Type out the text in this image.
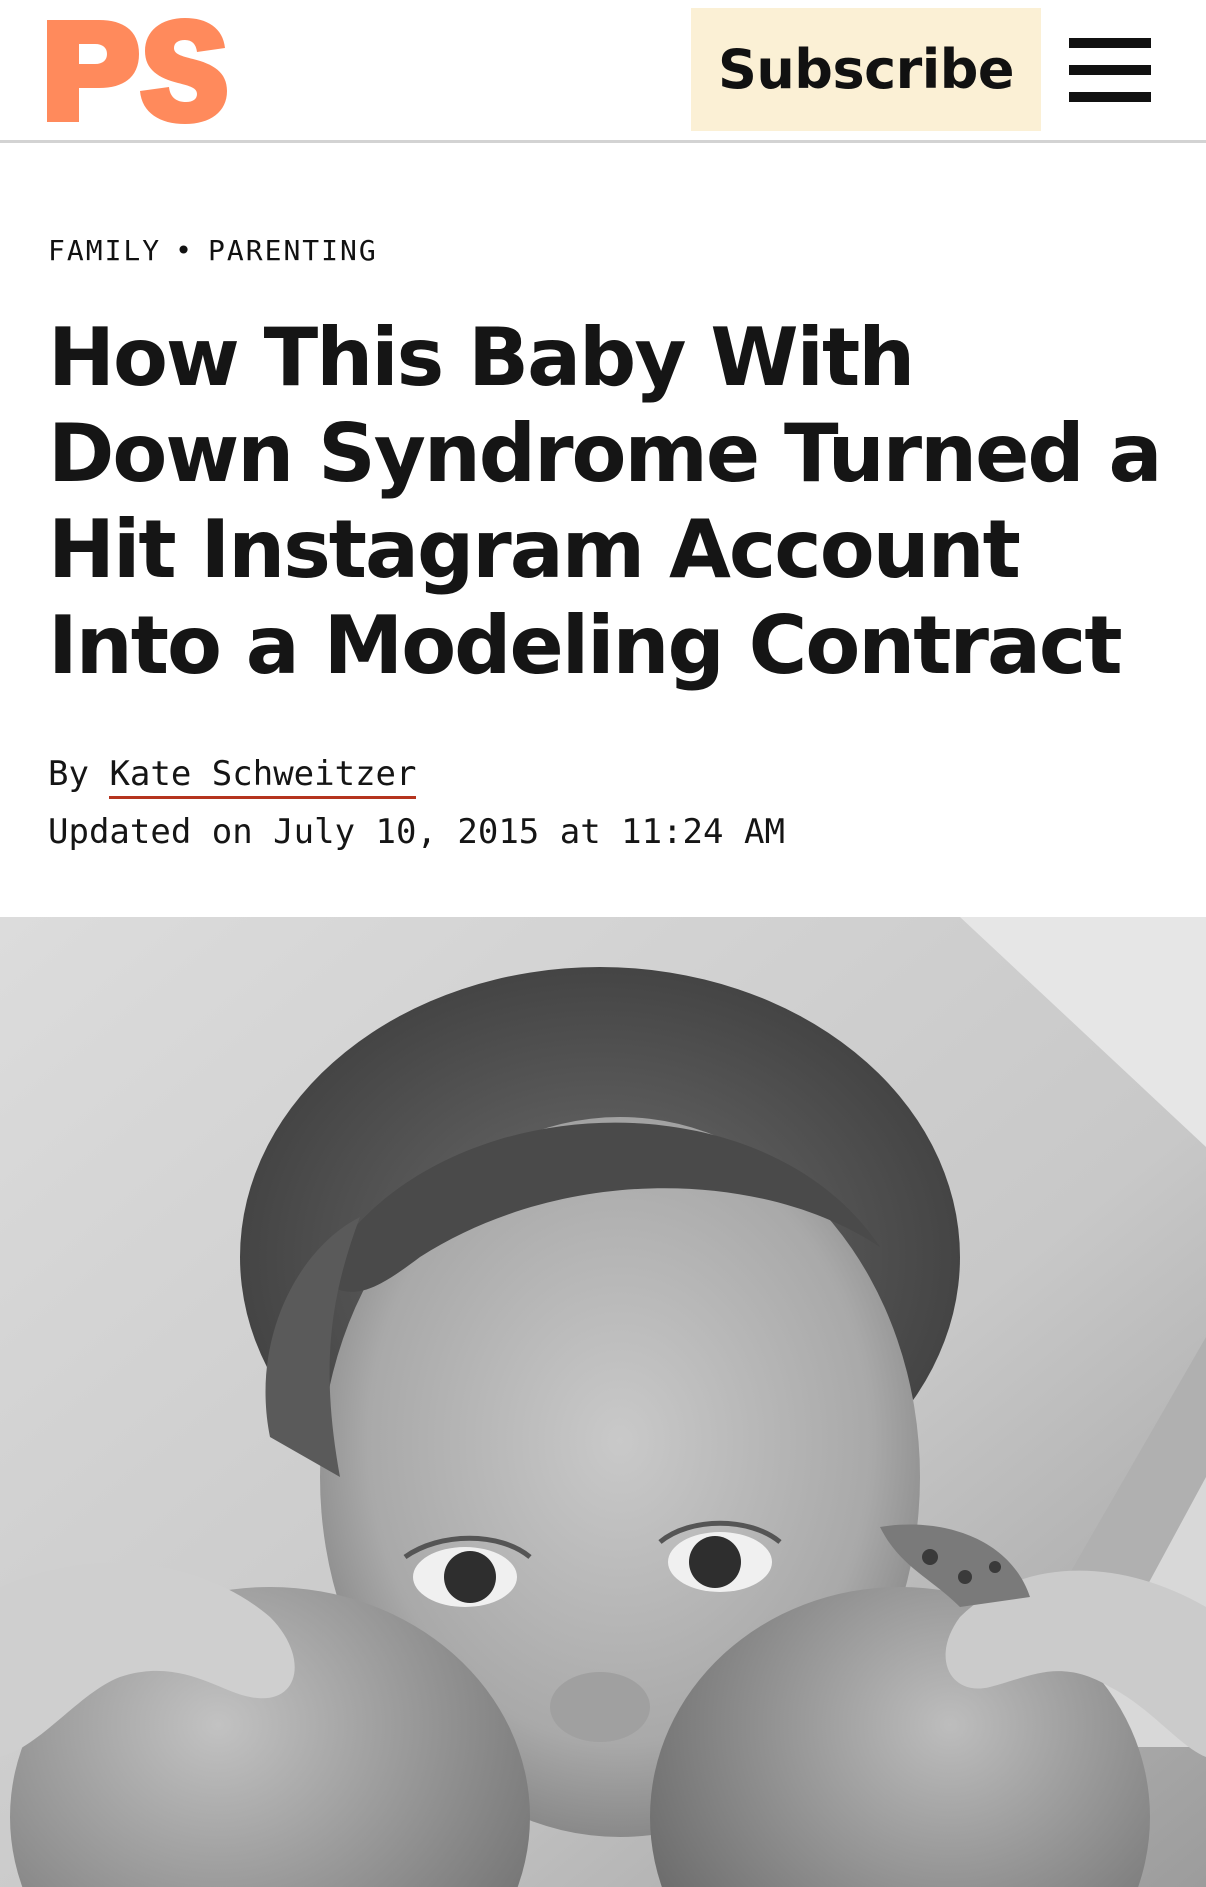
Subscribe
FAMILY • PARENTING
How This Baby With Down Syndrome Turned a Hit Instagram Account Into a Modeling Contract
By Kate Schweitzer
Updated on July 10, 2015 at 11:24 AM
